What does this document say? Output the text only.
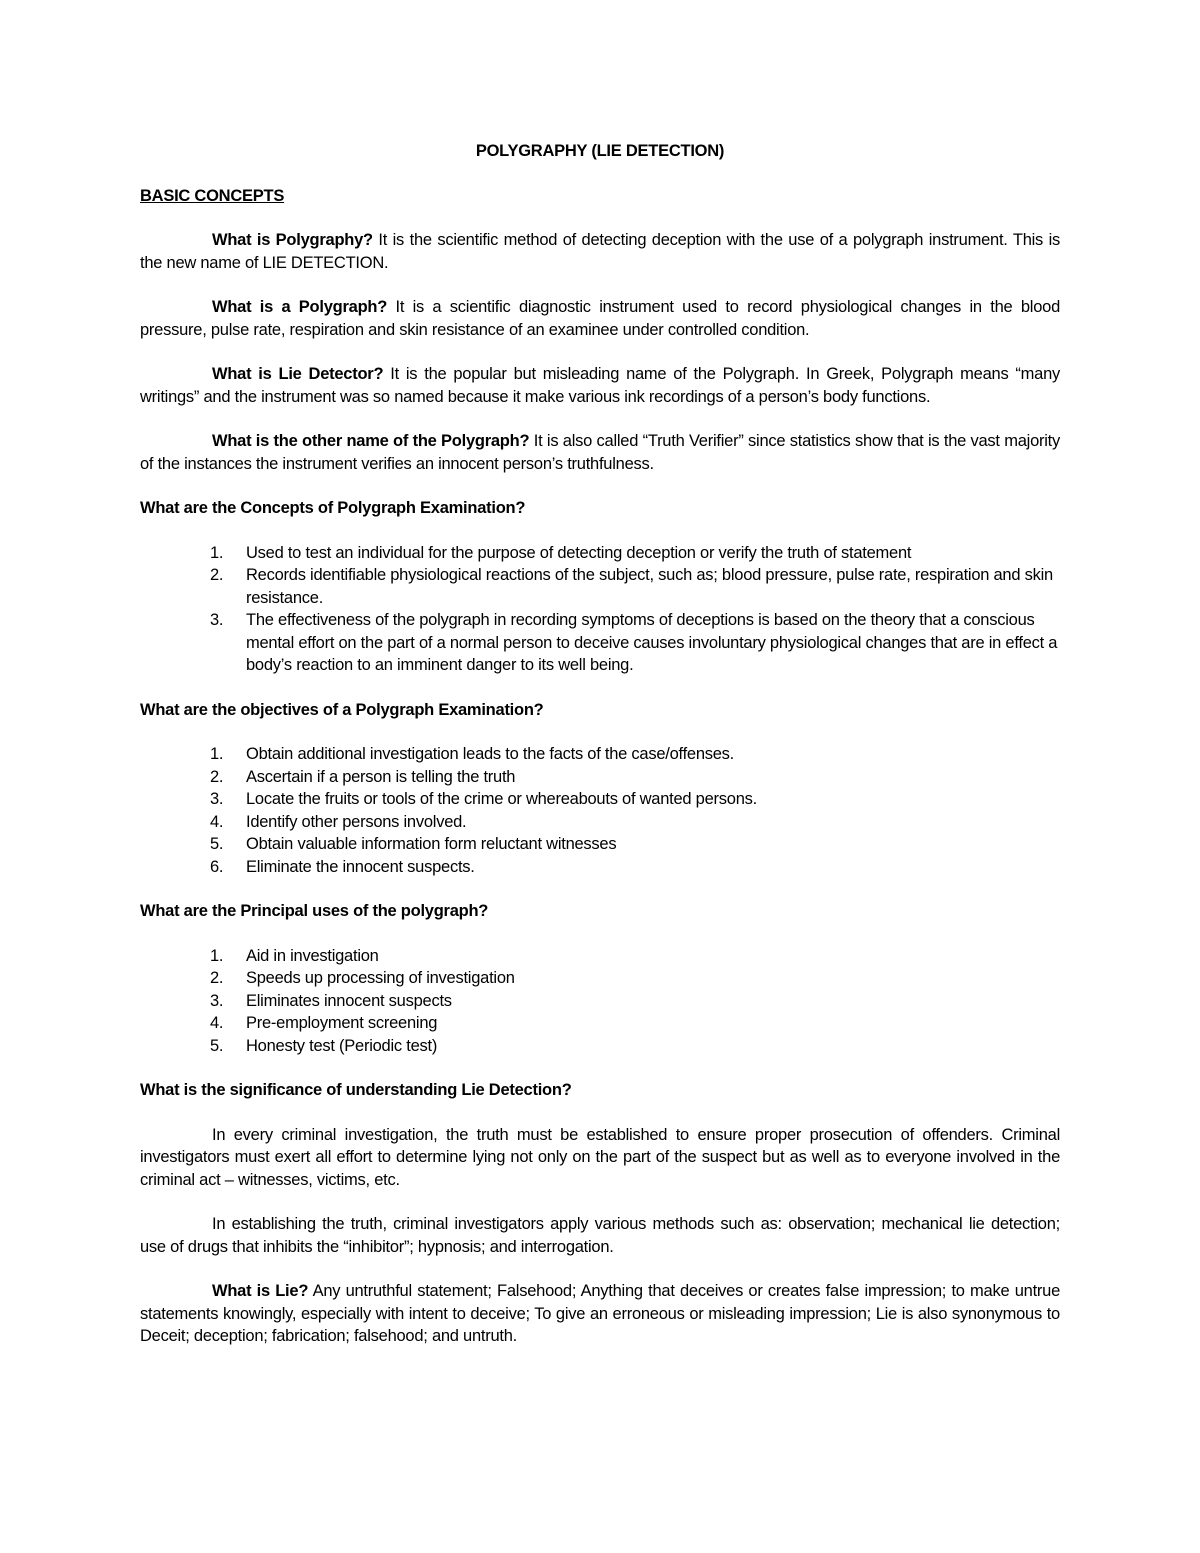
POLYGRAPHY (LIE DETECTION)
BASIC CONCEPTS

What is Polygraphy? It is the scientific method of detecting deception with the use of a polygraph instrument. This is the new name of LIE DETECTION.

What is a Polygraph? It is a scientific diagnostic instrument used to record physiological changes in the blood pressure, pulse rate, respiration and skin resistance of an examinee under controlled condition.

What is Lie Detector? It is the popular but misleading name of the Polygraph. In Greek, Polygraph means “many writings” and the instrument was so named because it make various ink recordings of a person’s body functions.

What is the other name of the Polygraph? It is also called “Truth Verifier” since statistics show that is the vast majority of the instances the instrument verifies an innocent person’s truthfulness.

What are the Concepts of Polygraph Examination?
1.	Used to test an individual for the purpose of detecting deception or verify the truth of statement
2.	Records identifiable physiological reactions of the subject, such as; blood pressure, pulse rate, respiration and skin resistance.
3.	The effectiveness of the polygraph in recording symptoms of deceptions is based on the theory that a conscious mental effort on the part of a normal person to deceive causes involuntary physiological changes that are in effect a body’s reaction to an imminent danger to its well being.
What are the objectives of a Polygraph Examination?
1.	Obtain additional investigation leads to the facts of the case/offenses.
2.	Ascertain if a person is telling the truth
3.	Locate the fruits or tools of the crime or whereabouts of wanted persons.
4.	Identify other persons involved.
5.	Obtain valuable information form reluctant witnesses
6.	Eliminate the innocent suspects.
What are the Principal uses of the polygraph?
1.	Aid in investigation
2.	Speeds up processing of investigation
3.	Eliminates innocent suspects
4.	Pre-employment screening
5.	Honesty test (Periodic test)
What is the significance of understanding Lie Detection?

In every criminal investigation, the truth must be established to ensure proper prosecution of offenders. Criminal investigators must exert all effort to determine lying not only on the part of the suspect but as well as to everyone involved in the criminal act – witnesses, victims, etc.

In establishing the truth, criminal investigators apply various methods such as: observation; mechanical lie detection; use of drugs that inhibits the “inhibitor”; hypnosis; and interrogation.

What is Lie? Any untruthful statement; Falsehood; Anything that deceives or creates false impression; to make untrue statements knowingly, especially with intent to deceive; To give an erroneous or misleading impression; Lie is also synonymous to Deceit; deception; fabrication; falsehood; and untruth.
